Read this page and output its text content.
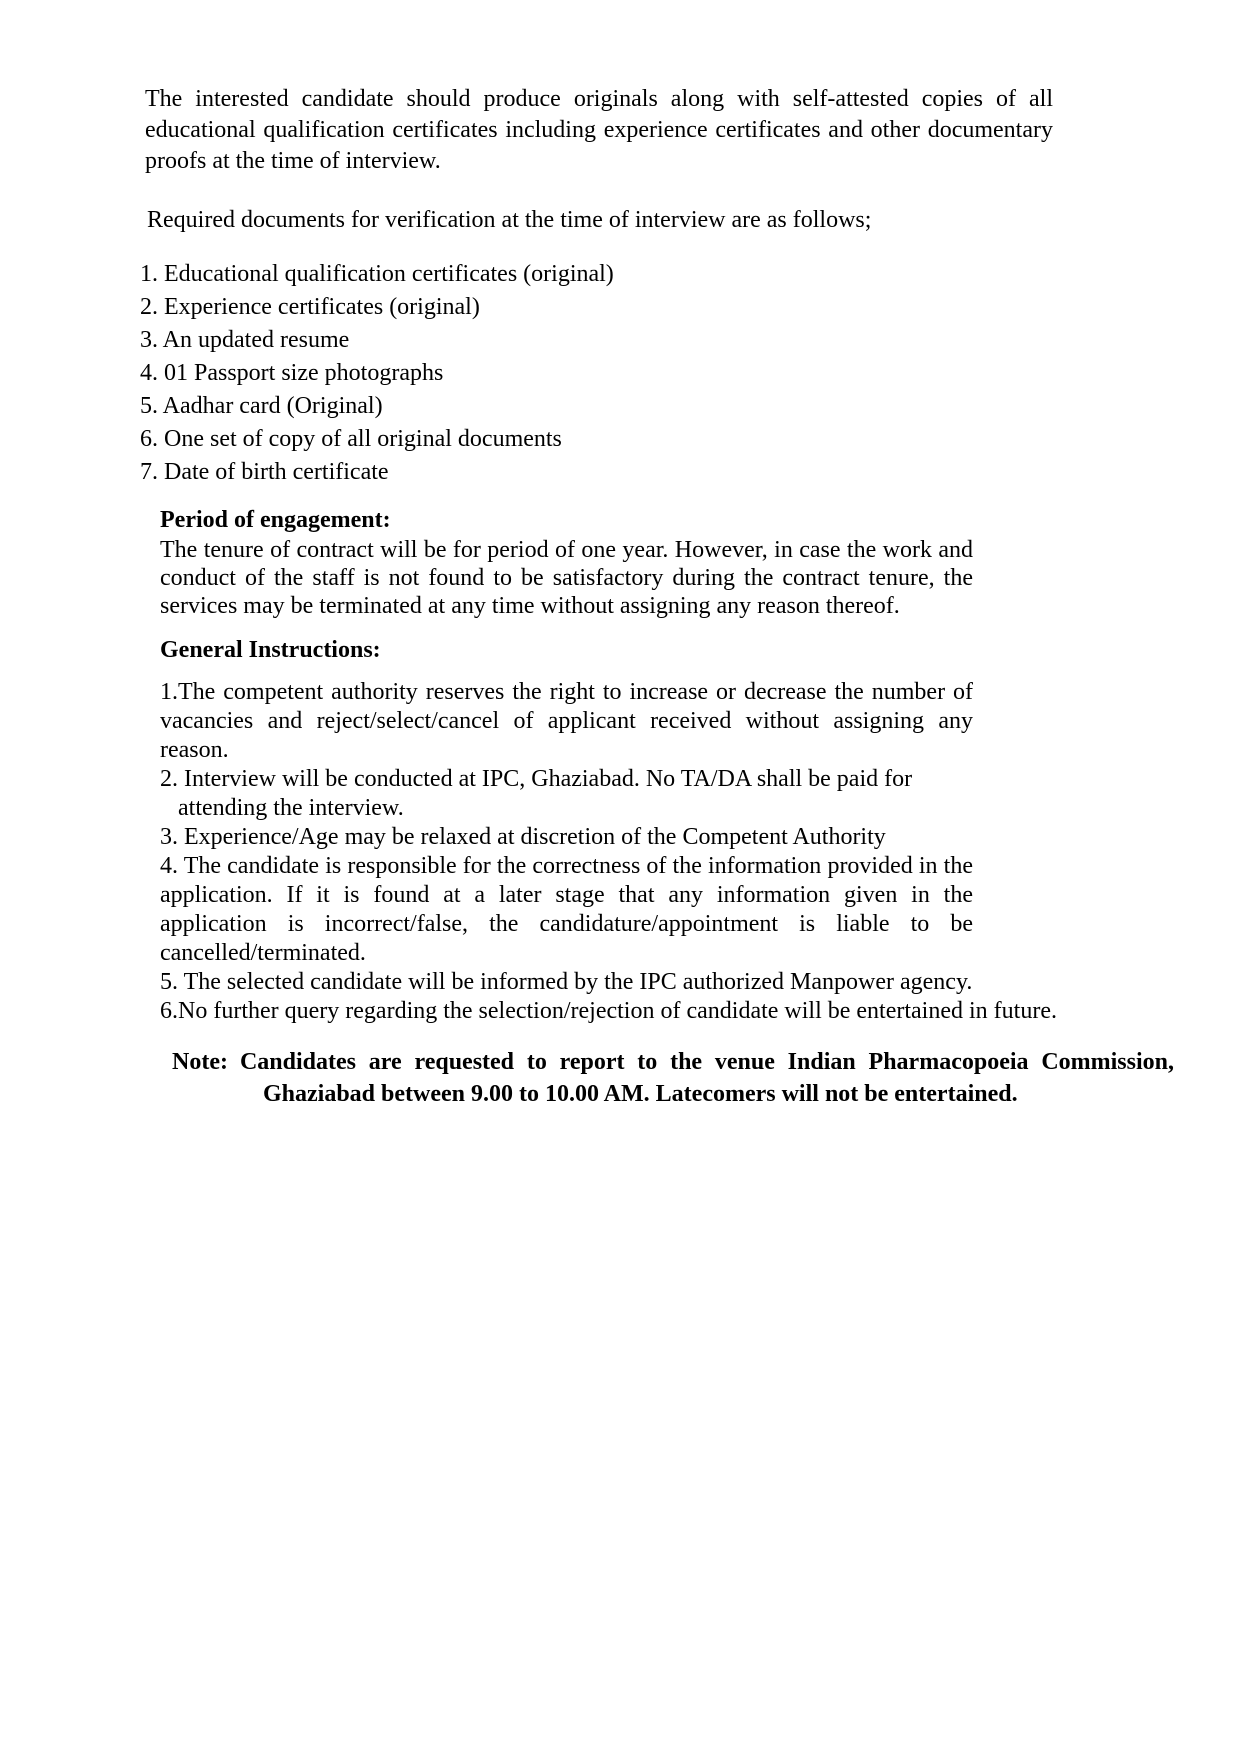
The interested candidate should produce originals along with self-attested copies of all educational qualification certificates including experience certificates and other documentary proofs at the time of interview.

Required documents for verification at the time of interview are as follows;

1. Educational qualification certificates (original)

2. Experience certificates (original)

3. An updated resume

4. 01 Passport size photographs

5. Aadhar card (Original)

6. One set of copy of all original documents

7. Date of birth certificate

Period of engagement:

The tenure of contract will be for period of one year. However, in case the work and conduct of the staff is not found to be satisfactory during the contract tenure, the services may be terminated at any time without assigning any reason thereof.

General Instructions:

1.The competent authority reserves the right to increase or decrease the number of vacancies and reject/select/cancel of applicant received without assigning any reason.

2. Interview will be conducted at IPC, Ghaziabad. No TA/DA shall be paid for attending the interview.

3. Experience/Age may be relaxed at discretion of the Competent Authority

4. The candidate is responsible for the correctness of the information provided in the application. If it is found at a later stage that any information given in the application is incorrect/false, the candidature/appointment is liable to be cancelled/terminated.

5. The selected candidate will be informed by the IPC authorized Manpower agency.

6.No further query regarding the selection/rejection of candidate will be entertained in future.

Note: Candidates are requested to report to the venue Indian Pharmacopoeia Commission, Ghaziabad between 9.00 to 10.00 AM. Latecomers will not be entertained.
